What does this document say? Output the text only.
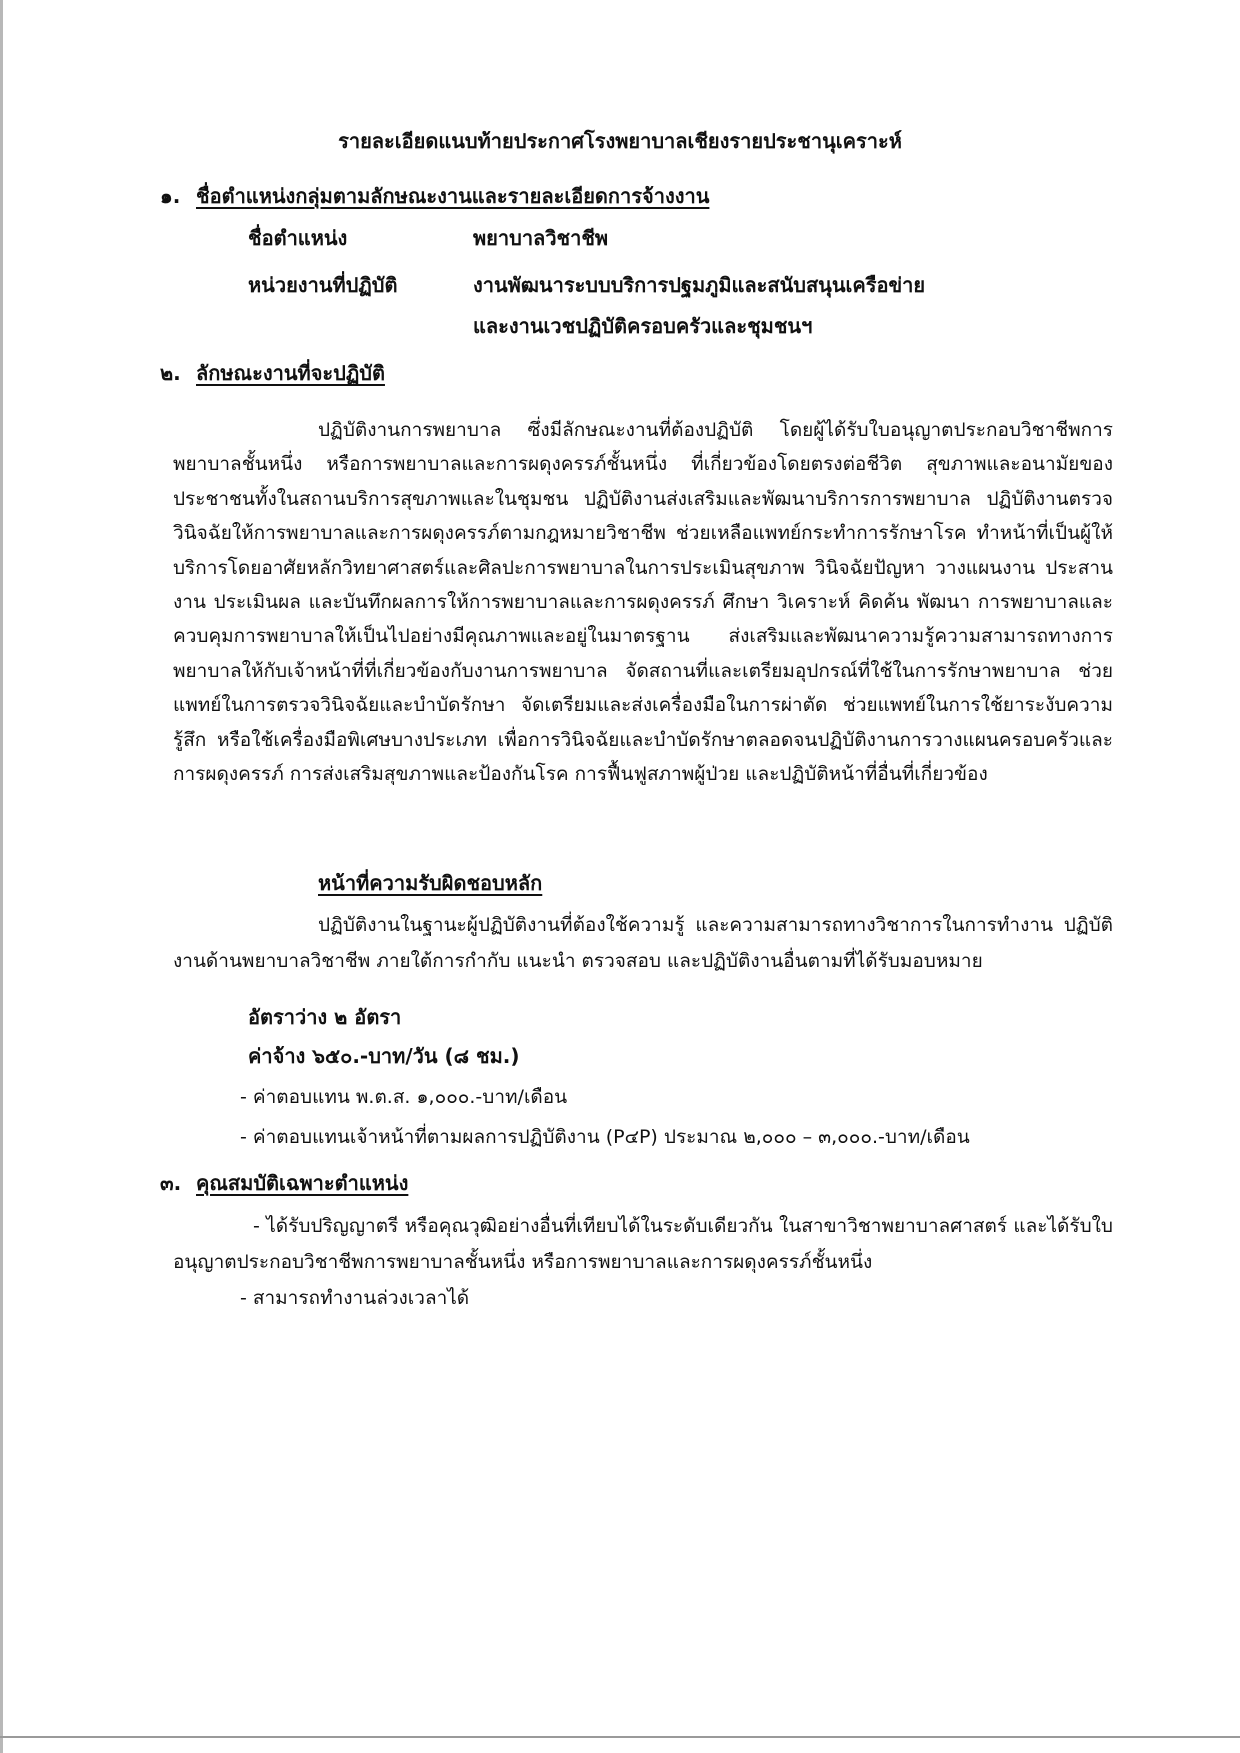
รายละเอียดแนบท้ายประกาศโรงพยาบาลเชียงรายประชานุเคราะห์
๑. ชื่อตำแหน่งกลุ่มตามลักษณะงานและรายละเอียดการจ้างงาน
ชื่อตำแหน่ง	พยาบาลวิชาชีพ
หน่วยงานที่ปฏิบัติ	งานพัฒนาระบบบริการปฐมภูมิและสนับสนุนเครือข่าย
และงานเวชปฏิบัติครอบครัวและชุมชนฯ
๒. ลักษณะงานที่จะปฏิบัติ
ปฏิบัติงานการพยาบาล ซึ่งมีลักษณะงานที่ต้องปฏิบัติ โดยผู้ได้รับใบอนุญาตประกอบวิชาชีพการพยาบาลชั้นหนึ่ง หรือการพยาบาลและการผดุงครรภ์ชั้นหนึ่ง ที่เกี่ยวข้องโดยตรงต่อชีวิต สุขภาพและอนามัยของประชาชนทั้งในสถานบริการสุขภาพและในชุมชน ปฏิบัติงานส่งเสริมและพัฒนาบริการการพยาบาล ปฏิบัติงานตรวจวินิจฉัยให้การพยาบาลและการผดุงครรภ์ตามกฎหมายวิชาชีพ ช่วยเหลือแพทย์กระทำการรักษาโรค ทำหน้าที่เป็นผู้ให้บริการโดยอาศัยหลักวิทยาศาสตร์และศิลปะการพยาบาลในการประเมินสุขภาพ วินิจฉัยปัญหา วางแผนงาน ประสานงาน ประเมินผล และบันทึกผลการให้การพยาบาลและการผดุงครรภ์ ศึกษา วิเคราะห์ คิดค้น พัฒนา การพยาบาลและควบคุมการพยาบาลให้เป็นไปอย่างมีคุณภาพและอยู่ในมาตรฐาน ส่งเสริมและพัฒนาความรู้ความสามารถทางการพยาบาลให้กับเจ้าหน้าที่ที่เกี่ยวข้องกับงานการพยาบาล จัดสถานที่และเตรียมอุปกรณ์ที่ใช้ในการรักษาพยาบาล ช่วยแพทย์ในการตรวจวินิจฉัยและบำบัดรักษา จัดเตรียมและส่งเครื่องมือในการผ่าตัด ช่วยแพทย์ในการใช้ยาระงับความรู้สึก หรือใช้เครื่องมือพิเศษบางประเภท เพื่อการวินิจฉัยและบำบัดรักษาตลอดจนปฏิบัติงานการวางแผนครอบครัวและการผดุงครรภ์ การส่งเสริมสุขภาพและป้องกันโรค การฟื้นฟูสภาพผู้ป่วย และปฏิบัติหน้าที่อื่นที่เกี่ยวข้อง
หน้าที่ความรับผิดชอบหลัก
ปฏิบัติงานในฐานะผู้ปฏิบัติงานที่ต้องใช้ความรู้ และความสามารถทางวิชาการในการทำงาน ปฏิบัติงานด้านพยาบาลวิชาชีพ ภายใต้การกำกับ แนะนำ ตรวจสอบ และปฏิบัติงานอื่นตามที่ได้รับมอบหมาย
อัตราว่าง ๒ อัตรา
ค่าจ้าง ๖๕๐.-บาท/วัน (๘ ชม.)
- ค่าตอบแทน พ.ต.ส. ๑,๐๐๐.-บาท/เดือน
- ค่าตอบแทนเจ้าหน้าที่ตามผลการปฏิบัติงาน (P๔P) ประมาณ ๒,๐๐๐ – ๓,๐๐๐.-บาท/เดือน
๓. คุณสมบัติเฉพาะตำแหน่ง
- ได้รับปริญญาตรี หรือคุณวุฒิอย่างอื่นที่เทียบได้ในระดับเดียวกัน ในสาขาวิชาพยาบาลศาสตร์ และได้รับใบอนุญาตประกอบวิชาชีพการพยาบาลชั้นหนึ่ง หรือการพยาบาลและการผดุงครรภ์ชั้นหนึ่ง
- สามารถทำงานล่วงเวลาได้
